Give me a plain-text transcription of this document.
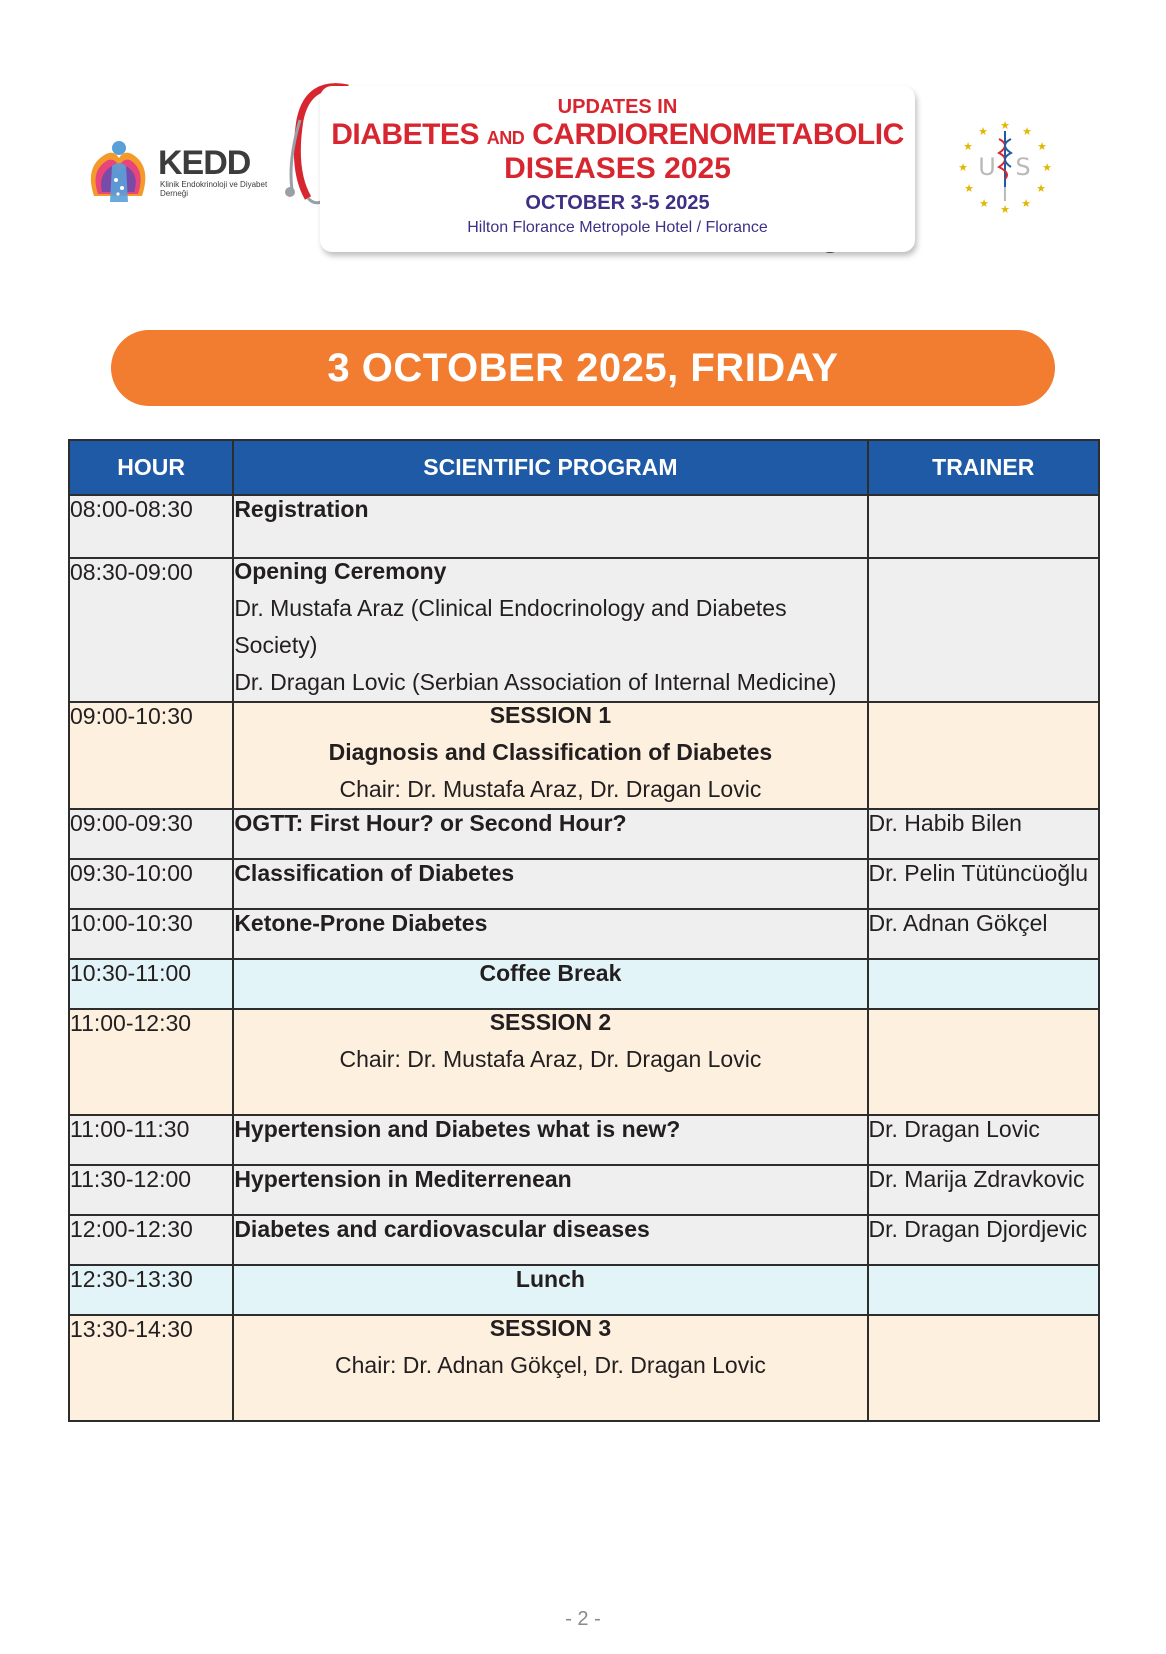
KEDD
Klinik Endokrinoloji ve Diyabet Derneği
UPDATES IN
DIABETES AND CARDIORENOMETABOLIC
DISEASES 2025
OCTOBER 3-5 2025
Hilton Florance Metropole Hotel / Florance
★ ★
★
★
★
★
★
★
★
★
★
★
U S
I
3 OCTOBER 2025, FRIDAY
HOUR	SCIENTIFIC PROGRAM	TRAINER
08:00-08:30	Registration	
08:30-09:00	Opening Ceremony
Dr. Mustafa Araz (Clinical Endocrinology and Diabetes Society)
Dr. Dragan Lovic (Serbian Association of Internal Medicine)	

09:00-10:30	SESSION 1
Diagnosis and Classification of Diabetes
Chair: Dr. Mustafa Araz, Dr. Dragan Lovic	

09:00-09:30	OGTT: First Hour? or Second Hour?	Dr. Habib Bilen
09:30-10:00	Classification of Diabetes	Dr. Pelin Tütüncüoğlu
10:00-10:30	Ketone-Prone Diabetes	Dr. Adnan Gökçel
10:30-11:00	Coffee Break	
11:00-12:30	SESSION 2
Chair: Dr. Mustafa Araz, Dr. Dragan Lovic	

11:00-11:30	Hypertension and Diabetes what is new?	Dr. Dragan Lovic
11:30-12:00	Hypertension in Mediterrenean	Dr. Marija Zdravkovic
12:00-12:30	Diabetes and cardiovascular diseases	Dr. Dragan Djordjevic
12:30-13:30	Lunch	
13:30-14:30	SESSION 3
Chair: Dr. Adnan Gökçel, Dr. Dragan Lovic	

- 2 -
